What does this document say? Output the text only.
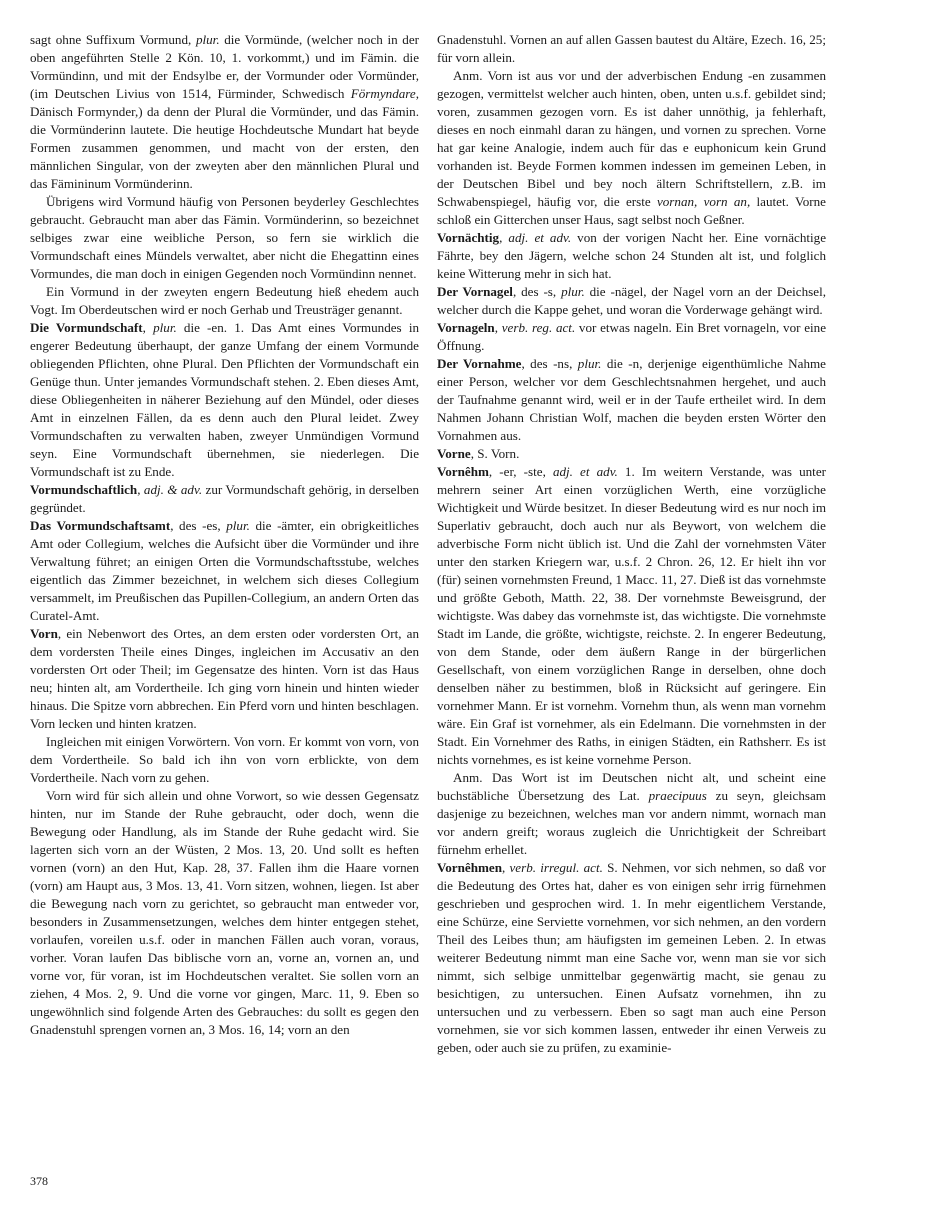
sagt ohne Suffixum Vormund, plur. die Vormünde, (welcher noch in der oben angeführten Stelle 2 Kön. 10, 1. vorkommt,) und im Fämin. die Vormündinn, und mit der Endsylbe er, der Vormunder oder Vormünder, (im Deutschen Livius von 1514, Fürminder, Schwedisch Förmyndare, Dänisch Formynder,) da denn der Plural die Vormünder, und das Fämin. die Vormünderinn lautete. Die heutige Hochdeutsche Mundart hat beyde Formen zusammen genommen, und macht von der ersten, den männlichen Singular, von der zweyten aber den männlichen Plural und das Fämininum Vormünderinn.

Übrigens wird Vormund häufig von Personen beyderley Geschlechtes gebraucht. Gebraucht man aber das Fämin. Vormünderinn, so bezeichnet selbiges zwar eine weibliche Person, so fern sie wirklich die Vormundschaft eines Mündels verwaltet, aber nicht die Ehegattinn eines Vormundes, die man doch in einigen Gegenden noch Vormündinn nennet.

Ein Vormund in der zweyten engern Bedeutung hieß ehedem auch Vogt. Im Oberdeutschen wird er noch Gerhab und Treusträger genannt.

Die Vormundschaft, plur. die -en. 1. Das Amt eines Vormundes in engerer Bedeutung überhaupt, der ganze Umfang der einem Vormunde obliegenden Pflichten, ohne Plural. Den Pflichten der Vormundschaft ein Genüge thun. Unter jemandes Vormundschaft stehen. 2. Eben dieses Amt, diese Obliegenheiten in näherer Beziehung auf den Mündel, oder dieses Amt in einzelnen Fällen, da es denn auch den Plural leidet. Zwey Vormundschaften zu verwalten haben, zweyer Unmündigen Vormund seyn. Eine Vormundschaft übernehmen, sie niederlegen. Die Vormundschaft ist zu Ende.

Vormundschaftlich, adj. & adv. zur Vormundschaft gehörig, in derselben gegründet.

Das Vormundschaftsamt, des -es, plur. die -ämter, ein obrigkeitliches Amt oder Collegium, welches die Aufsicht über die Vormünder und ihre Verwaltung führet; an einigen Orten die Vormundschaftsstube, welches eigentlich das Zimmer bezeichnet, in welchem sich dieses Collegium versammelt, im Preußischen das Pupillen-Collegium, an andern Orten das Curatel-Amt.

Vorn, ein Nebenwort des Ortes, an dem ersten oder vordersten Ort, an dem vordersten Theile eines Dinges, ingleichen im Accusativ an den vordersten Ort oder Theil; im Gegensatze des hinten. Vorn ist das Haus neu; hinten alt, am Vordertheile. Ich ging vorn hinein und hinten wieder hinaus. Die Spitze vorn abbrechen. Ein Pferd vorn und hinten beschlagen. Vorn lecken und hinten kratzen.

Ingleichen mit einigen Vorwörtern. Von vorn. Er kommt von vorn, von dem Vordertheile. So bald ich ihn von vorn erblickte, von dem Vordertheile. Nach vorn zu gehen.

Vorn wird für sich allein und ohne Vorwort, so wie dessen Gegensatz hinten, nur im Stande der Ruhe gebraucht, oder doch, wenn die Bewegung oder Handlung, als im Stande der Ruhe gedacht wird. Sie lagerten sich vorn an der Wüsten, 2 Mos. 13, 20. Und sollt es heften vornen (vorn) an den Hut, Kap. 28, 37. Fallen ihm die Haare vornen (vorn) am Haupt aus, 3 Mos. 13, 41. Vorn sitzen, wohnen, liegen. Ist aber die Bewegung nach vorn zu gerichtet, so gebraucht man entweder vor, besonders in Zusammensetzungen, welches dem hinter entgegen stehet, vorlaufen, voreilen u.s.f. oder in manchen Fällen auch voran, voraus, vorher. Voran laufen Das biblische vorn an, vorne an, vornen an, und vorne vor, für voran, ist im Hochdeutschen veraltet. Sie sollen vorn an ziehen, 4 Mos. 2, 9. Und die vorne vor gingen, Marc. 11, 9. Eben so ungewöhnlich sind folgende Arten des Gebrauches: du sollt es gegen den Gnadenstuhl sprengen vornen an, 3 Mos. 16, 14; vorn an den

Gnadenstuhl. Vornen an auf allen Gassen bautest du Altäre, Ezech. 16, 25; für vorn allein.

Anm. Vorn ist aus vor und der adverbischen Endung -en zusammen gezogen, vermittelst welcher auch hinten, oben, unten u.s.f. gebildet sind; voren, zusammen gezogen vorn. Es ist daher unnöthig, ja fehlerhaft, dieses en noch einmahl daran zu hängen, und vornen zu sprechen. Vorne hat gar keine Analogie, indem auch für das e euphonicum kein Grund vorhanden ist. Beyde Formen kommen indessen im gemeinen Leben, in der Deutschen Bibel und bey noch ältern Schriftstellern, z.B. im Schwabenspiegel, häufig vor, die erste vornan, vorn an, lautet. Vorne schloß ein Gitterchen unser Haus, sagt selbst noch Geßner.

Vornächtig, adj. et adv. von der vorigen Nacht her. Eine vornächtige Fährte, bey den Jägern, welche schon 24 Stunden alt ist, und folglich keine Witterung mehr in sich hat.

Der Vornagel, des -s, plur. die -nägel, der Nagel vorn an der Deichsel, welcher durch die Kappe gehet, und woran die Vorderwage gehängt wird.

Vornageln, verb. reg. act. vor etwas nageln. Ein Bret vornageln, vor eine Öffnung.

Der Vornahme, des -ns, plur. die -n, derjenige eigenthümliche Nahme einer Person, welcher vor dem Geschlechtsnahmen hergehet, und auch der Taufnahme genannt wird, weil er in der Taufe ertheilet wird. In dem Nahmen Johann Christian Wolf, machen die beyden ersten Wörter den Vornahmen aus.

Vorne, S. Vorn.

Vornêhm, -er, -ste, adj. et adv. 1. Im weitern Verstande, was unter mehrern seiner Art einen vorzüglichen Werth, eine vorzügliche Wichtigkeit und Würde besitzet. In dieser Bedeutung wird es nur noch im Superlativ gebraucht, doch auch nur als Beywort, von welchem die adverbische Form nicht üblich ist. Und die Zahl der vornehmsten Väter unter den starken Kriegern war, u.s.f. 2 Chron. 26, 12. Er hielt ihn vor (für) seinen vornehmsten Freund, 1 Macc. 11, 27. Dieß ist das vornehmste und größte Geboth, Matth. 22, 38. Der vornehmste Beweisgrund, der wichtigste. Was dabey das vornehmste ist, das wichtigste. Die vornehmste Stadt im Lande, die größte, wichtigste, reichste. 2. In engerer Bedeutung, von dem Stande, oder dem äußern Range in der bürgerlichen Gesellschaft, von einem vorzüglichen Range in derselben, ohne doch denselben näher zu bestimmen, bloß in Rücksicht auf geringere. Ein vornehmer Mann. Er ist vornehm. Vornehm thun, als wenn man vornehm wäre. Ein Graf ist vornehmer, als ein Edelmann. Die vornehmsten in der Stadt. Ein Vornehmer des Raths, in einigen Städten, ein Rathsherr. Es ist nichts vornehmes, es ist keine vornehme Person.

Anm. Das Wort ist im Deutschen nicht alt, und scheint eine buchstäbliche Übersetzung des Lat. praecipuus zu seyn, gleichsam dasjenige zu bezeichnen, welches man vor andern nimmt, wornach man vor andern greift; woraus zugleich die Unrichtigkeit der Schreibart fürnehm erhellet.

Vornêhmen, verb. irregul. act. S. Nehmen, vor sich nehmen, so daß vor die Bedeutung des Ortes hat, daher es von einigen sehr irrig fürnehmen geschrieben und gesprochen wird. 1. In mehr eigentlichem Verstande, eine Schürze, eine Serviette vornehmen, vor sich nehmen, an den vordern Theil des Leibes thun; am häufigsten im gemeinen Leben. 2. In etwas weiterer Bedeutung nimmt man eine Sache vor, wenn man sie vor sich nimmt, sich selbige unmittelbar gegenwärtig macht, sie genau zu besichtigen, zu untersuchen. Einen Aufsatz vornehmen, ihn zu untersuchen und zu verbessern. Eben so sagt man auch eine Person vornehmen, sie vor sich kommen lassen, entweder ihr einen Verweis zu geben, oder auch sie zu prüfen, zu examinie-

378
